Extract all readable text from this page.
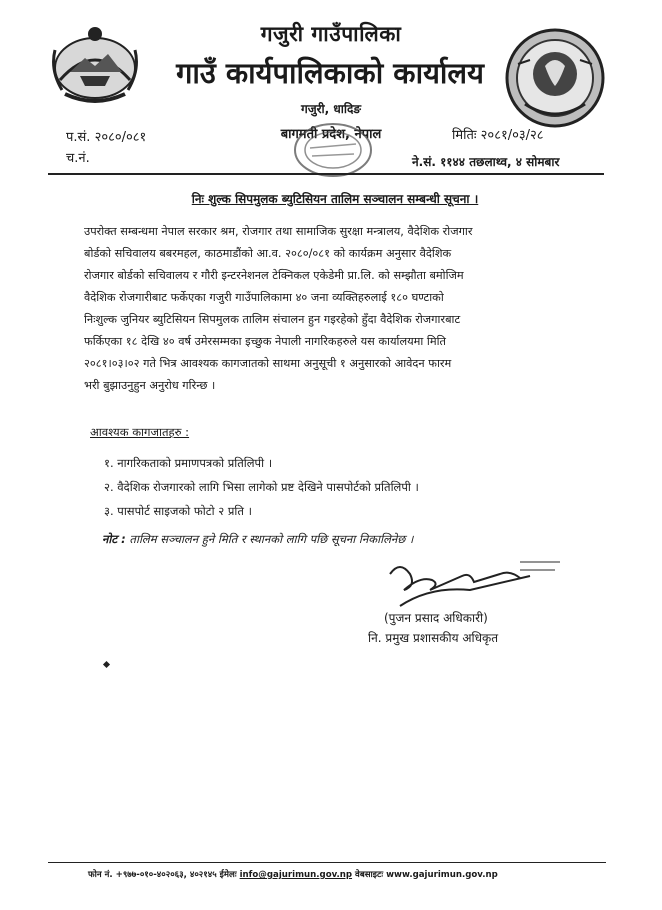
गजुरी गाउँपालिका
गाउँ कार्यपालिकाको कार्यालय
गजुरी, धादिङ
बागमती प्रदेश, नेपाल
प.सं. २०८०/०८१
च.नं.
मितिः २०८१/०३/२८
ने.सं. ११४४ तछलाथ्व, ४ सोमबार
निः शुल्क सिपमुलक ब्युटिसियन तालिम सञ्चालन सम्बन्धी सूचना ।
उपरोक्त सम्बन्धमा नेपाल सरकार श्रम, रोजगार तथा सामाजिक सुरक्षा मन्त्रालय, वैदेशिक रोजगार
बोर्डको सचिवालय बबरमहल, काठमाडौंको आ.व. २०८०/०८१ को कार्यक्रम अनुसार वैदेशिक
रोजगार बोर्डको सचिवालय र गौरी इन्टरनेशनल टेक्निकल एकेडेमी प्रा.लि. को सम्झौता बमोजिम
वैदेशिक रोजगारीबाट फर्केएका गजुरी गाउँपालिकामा ४० जना व्यक्तिहरुलाई १८० घण्टाको
निःशुल्क जुनियर ब्युटिसियन सिपमुलक तालिम संचालन हुन गइरहेको हुँदा वैदेशिक रोजगारबाट
फर्किएका १८ देखि ४० वर्ष उमेरसम्मका इच्छुक नेपाली नागरिकहरुले यस कार्यालयमा मिति
२०८१।०३।०२ गते भित्र आवश्यक कागजातको साथमा अनुसूची १ अनुसारको आवेदन फारम
भरी बुझाउनुहुन अनुरोध गरिन्छ ।
आवश्यक कागजातहरु :
१. नागरिकताको प्रमाणपत्रको प्रतिलिपी ।
२. वैदेशिक रोजगारको लागि भिसा लागेको प्रष्ट देखिने पासपोर्टको प्रतिलिपी ।
३. पासपोर्ट साइजको फोटो २ प्रति ।
नोट : तालिम सञ्चालन हुने मिति र स्थानको लागि पछि सूचना निकालिनेछ ।
(पुजन प्रसाद अधिकारी)
नि. प्रमुख प्रशासकीय अधिकृत
फोन नं. +९७७-०१०-४०२०६३, ४०२१४५ ईमेलः info@gajurimun.gov.np वेबसाइटः www.gajurimun.gov.np
